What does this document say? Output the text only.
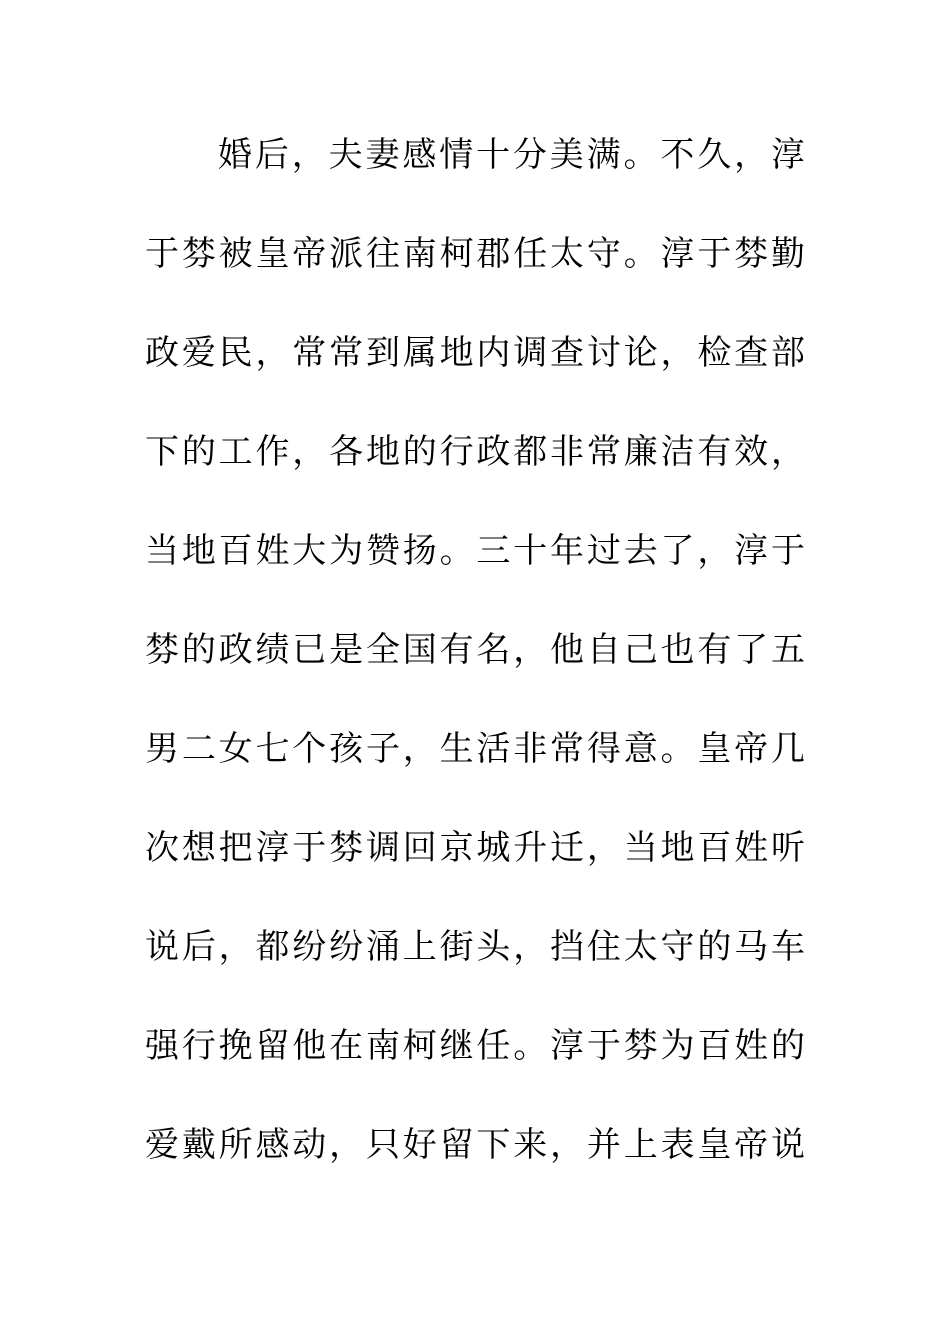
婚后，夫妻感情十分美满。不久，淳
于棼被皇帝派往南柯郡任太守。淳于棼勤
政爱民，常常到属地内调查讨论，检查部
下的工作，各地的行政都非常廉洁有效，
当地百姓大为赞扬。三十年过去了，淳于
棼的政绩已是全国有名，他自己也有了五
男二女七个孩子，生活非常得意。皇帝几
次想把淳于棼调回京城升迁，当地百姓听
说后，都纷纷涌上街头，挡住太守的马车
强行挽留他在南柯继任。淳于棼为百姓的
爱戴所感动，只好留下来，并上表皇帝说
